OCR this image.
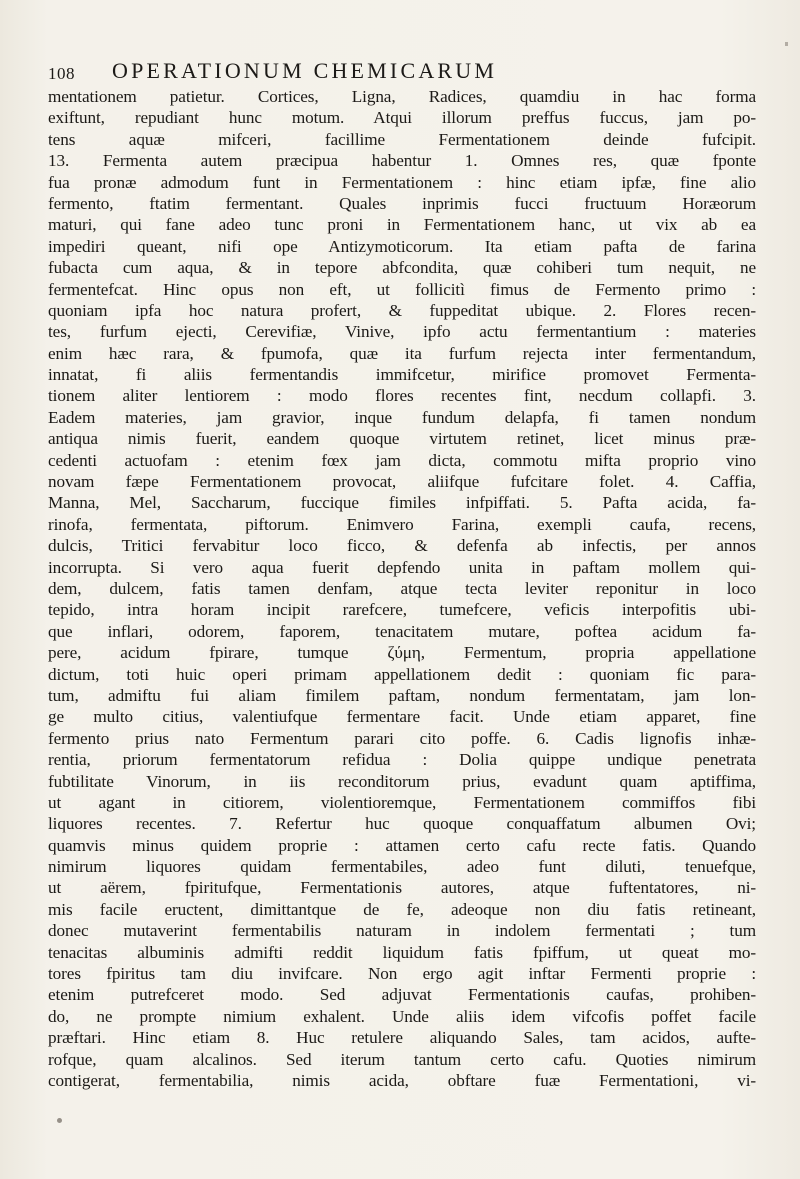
108 OPERATIONUM CHEMICARUM
mentationem patietur. Cortices, Ligna, Radices, quamdiu in hac forma
exiftunt, repudiant hunc motum. Atqui illorum preffus fuccus, jam po-
tens aquæ mifceri, facillime Fermentationem deinde fufcipit.
13. Fermenta autem præcipua habentur 1. Omnes res, quæ fponte
fua pronæ admodum funt in Fermentationem : hinc etiam ipfæ, fine alio
fermento, ftatim fermentant. Quales inprimis fucci fructuum Horæorum
maturi, qui fane adeo tunc proni in Fermentationem hanc, ut vix ab ea
impediri queant, nifi ope Antizymoticorum. Ita etiam pafta de farina
fubacta cum aqua, & in tepore abfcondita, quæ cohiberi tum nequit, ne
fermentefcat. Hinc opus non eft, ut follicitì fimus de Fermento primo :
quoniam ipfa hoc natura profert, & fuppeditat ubique. 2. Flores recen-
tes, furfum ejecti, Cerevifiæ, Vinive, ipfo actu fermentantium : materies
enim hæc rara, & fpumofa, quæ ita furfum rejecta inter fermentandum,
innatat, fi aliis fermentandis immifcetur, mirifice promovet Fermenta-
tionem aliter lentiorem : modo flores recentes fint, necdum collapfi. 3.
Eadem materies, jam gravior, inque fundum delapfa, fi tamen nondum
antiqua nimis fuerit, eandem quoque virtutem retinet, licet minus præ-
cedenti actuofam : etenim fœx jam dicta, commotu mifta proprio vino
novam fæpe Fermentationem provocat, aliifque fufcitare folet. 4. Caffia,
Manna, Mel, Saccharum, fuccique fimiles infpiffati. 5. Pafta acida, fa-
rinofa, fermentata, piftorum. Enimvero Farina, exempli caufa, recens,
dulcis, Tritici fervabitur loco ficco, & defenfa ab infectis, per annos
incorrupta. Si vero aqua fuerit depfendo unita in paftam mollem qui-
dem, dulcem, fatis tamen denfam, atque tecta leviter reponitur in loco
tepido, intra horam incipit rarefcere, tumefcere, veficis interpofitis ubi-
que inflari, odorem, faporem, tenacitatem mutare, poftea acidum fa-
pere, acidum fpirare, tumque ζύμη, Fermentum, propria appellatione
dictum, toti huic operi primam appellationem dedit : quoniam fic para-
tum, admiftu fui aliam fimilem paftam, nondum fermentatam, jam lon-
ge multo citius, valentiufque fermentare facit. Unde etiam apparet, fine
fermento prius nato Fermentum parari cito poffe. 6. Cadis lignofis inhæ-
rentia, priorum fermentatorum refidua : Dolia quippe undique penetrata
fubtilitate Vinorum, in iis reconditorum prius, evadunt quam aptiffima,
ut agant in citiorem, violentioremque, Fermentationem commiffos fibi
liquores recentes. 7. Refertur huc quoque conquaffatum albumen Ovi;
quamvis minus quidem proprie : attamen certo cafu recte fatis. Quando
nimirum liquores quidam fermentabiles, adeo funt diluti, tenuefque,
ut aërem, fpiritufque, Fermentationis autores, atque fuftentatores, ni-
mis facile eructent, dimittantque de fe, adeoque non diu fatis retineant,
donec mutaverint fermentabilis naturam in indolem fermentati ; tum
tenacitas albuminis admifti reddit liquidum fatis fpiffum, ut queat mo-
tores fpiritus tam diu invifcare. Non ergo agit inftar Fermenti proprie :
etenim putrefceret modo. Sed adjuvat Fermentationis caufas, prohiben-
do, ne prompte nimium exhalent. Unde aliis idem vifcofis poffet facile
præftari. Hinc etiam 8. Huc retulere aliquando Sales, tam acidos, aufte-
rofque, quam alcalinos. Sed iterum tantum certo cafu. Quoties nimirum
contigerat, fermentabilia, nimis acida, obftare fuæ Fermentationi, vi-
